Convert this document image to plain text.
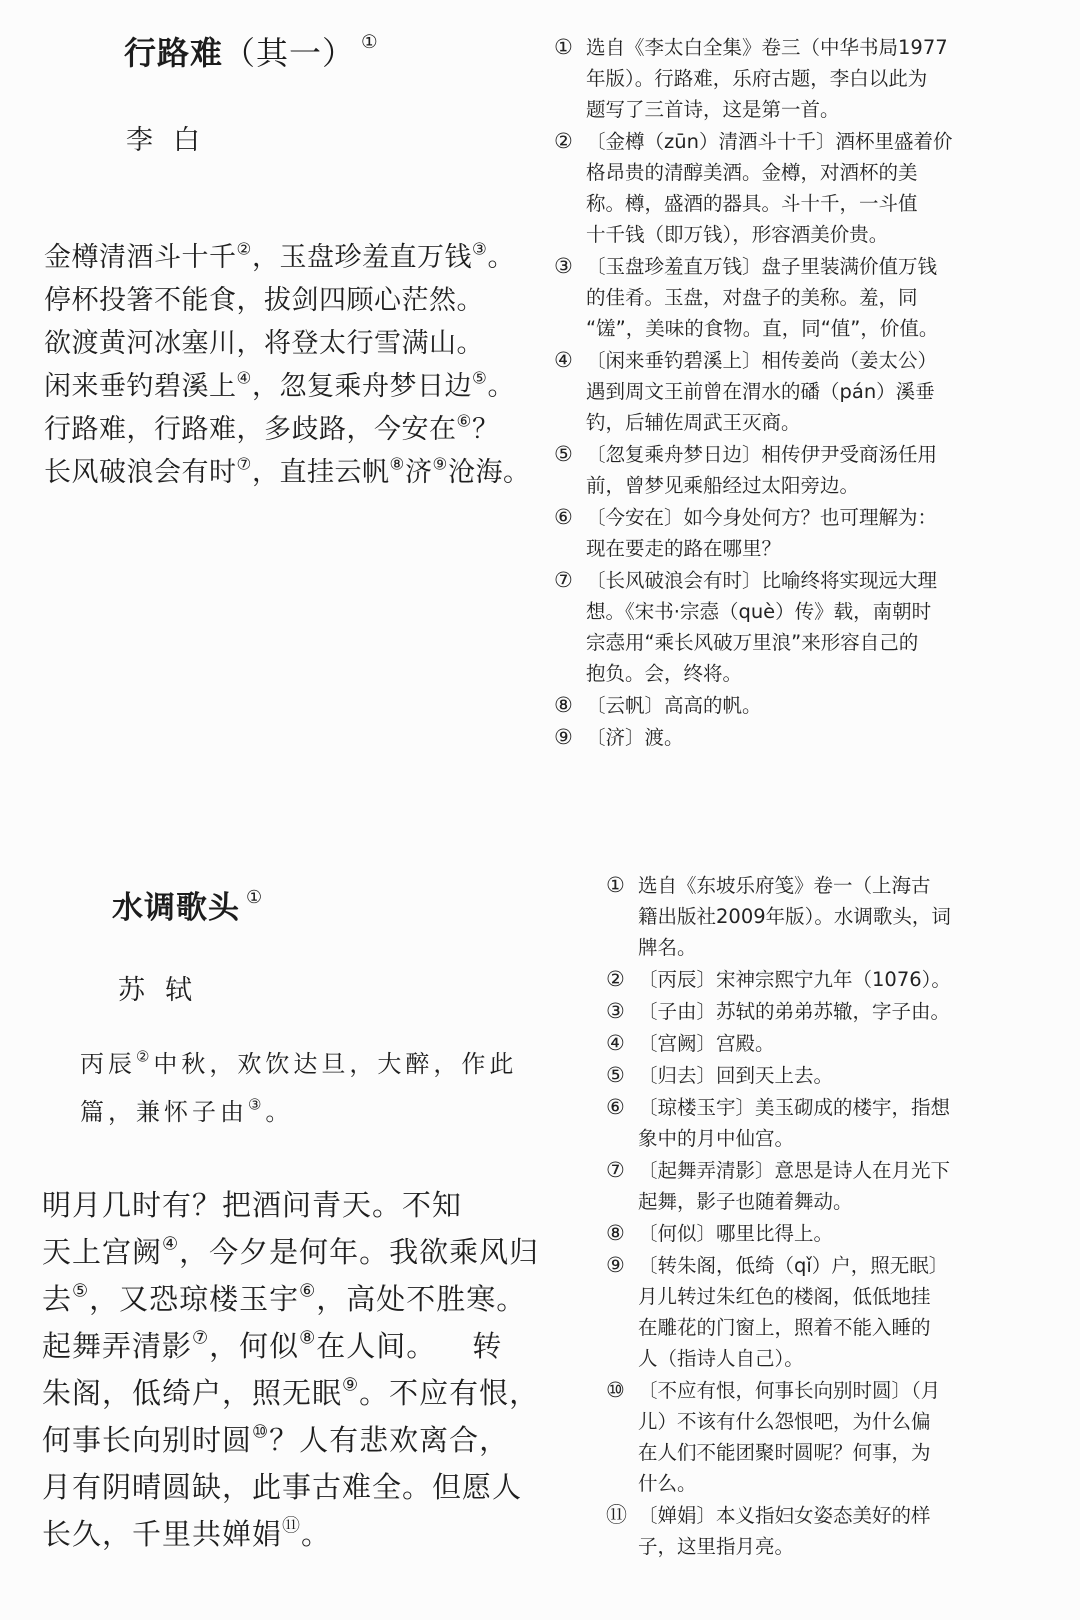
行路难（其一） ①
李白
金樽清酒斗十千②，玉盘珍羞直万钱③。
停杯投箸不能食，拔剑四顾心茫然。
欲渡黄河冰塞川，将登太行雪满山。
闲来垂钓碧溪上④，忽复乘舟梦日边⑤。
行路难，行路难，多歧路，今安在⑥？
长风破浪会有时⑦，直挂云帆⑧济⑨沧海。
① 选自《李太白全集》卷三（中华书局1977
年版）。行路难，乐府古题，李白以此为
题写了三首诗，这是第一首。
② 〔金樽（zūn）清酒斗十千〕酒杯里盛着价
格昂贵的清醇美酒。金樽，对酒杯的美
称。樽，盛酒的器具。斗十千，一斗值
十千钱（即万钱），形容酒美价贵。
③ 〔玉盘珍羞直万钱〕盘子里装满价值万钱
的佳肴。玉盘，对盘子的美称。羞，同
“馐”，美味的食物。直，同“值”，价值。
④ 〔闲来垂钓碧溪上〕相传姜尚（姜太公）
遇到周文王前曾在渭水的磻（pán）溪垂
钓，后辅佐周武王灭商。
⑤ 〔忽复乘舟梦日边〕相传伊尹受商汤任用
前，曾梦见乘船经过太阳旁边。
⑥ 〔今安在〕如今身处何方？也可理解为：
现在要走的路在哪里？
⑦ 〔长风破浪会有时〕比喻终将实现远大理
想。《宋书·宗悫（què）传》载，南朝时
宗悫用“乘长风破万里浪”来形容自己的
抱负。会，终将。
⑧ 〔云帆〕高高的帆。
⑨ 〔济〕渡。
水调歌头 ①
苏轼
丙辰②中秋，欢饮达旦，大醉，作此
篇，兼怀子由③。
明月几时有？把酒问青天。不知
天上宫阙④，今夕是何年。我欲乘风归
去⑤，又恐琼楼玉宇⑥，高处不胜寒。
起舞弄清影⑦，何似⑧在人间。 转
朱阁，低绮户，照无眠⑨。不应有恨，
何事长向别时圆⑩？人有悲欢离合，
月有阴晴圆缺，此事古难全。但愿人
长久，千里共婵娟⑪。
① 选自《东坡乐府笺》卷一（上海古
籍出版社2009年版）。水调歌头，词
牌名。
② 〔丙辰〕宋神宗熙宁九年（1076）。
③ 〔子由〕苏轼的弟弟苏辙，字子由。
④ 〔宫阙〕宫殿。
⑤ 〔归去〕回到天上去。
⑥ 〔琼楼玉宇〕美玉砌成的楼宇，指想
象中的月中仙宫。
⑦ 〔起舞弄清影〕意思是诗人在月光下
起舞，影子也随着舞动。
⑧ 〔何似〕哪里比得上。
⑨ 〔转朱阁，低绮（qǐ）户，照无眠〕
月儿转过朱红色的楼阁，低低地挂
在雕花的门窗上，照着不能入睡的
人（指诗人自己）。
⑩ 〔不应有恨，何事长向别时圆〕（月
儿）不该有什么怨恨吧，为什么偏
在人们不能团聚时圆呢？何事，为
什么。
⑪ 〔婵娟〕本义指妇女姿态美好的样
子，这里指月亮。
